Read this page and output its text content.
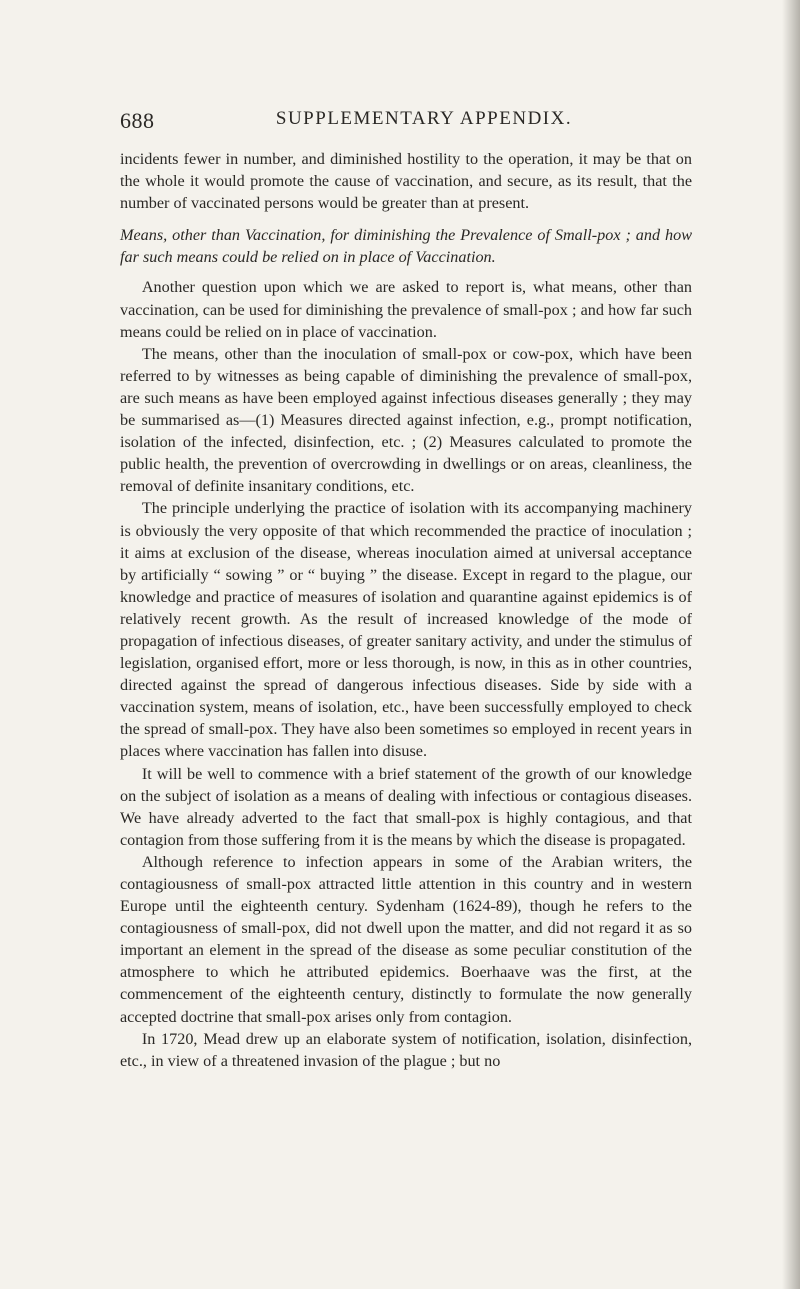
688	SUPPLEMENTARY APPENDIX.

incidents fewer in number, and diminished hostility to the operation, it may be that on the whole it would promote the cause of vaccination, and secure, as its result, that the number of vaccinated persons would be greater than at present.

Means, other than Vaccination, for diminishing the Prevalence of Small-pox ; and how far such means could be relied on in place of Vaccination.

Another question upon which we are asked to report is, what means, other than vaccination, can be used for diminishing the prevalence of small-pox ; and how far such means could be relied on in place of vaccination.

The means, other than the inoculation of small-pox or cow-pox, which have been referred to by witnesses as being capable of diminishing the prevalence of small-pox, are such means as have been employed against infectious diseases generally ; they may be summarised as—(1) Measures directed against infection, e.g., prompt notification, isolation of the infected, disinfection, etc. ; (2) Measures calculated to promote the public health, the prevention of overcrowding in dwellings or on areas, cleanliness, the removal of definite insanitary conditions, etc.

The principle underlying the practice of isolation with its accompanying machinery is obviously the very opposite of that which recommended the practice of inoculation ; it aims at exclusion of the disease, whereas inoculation aimed at universal acceptance by artificially “ sowing ” or “ buying ” the disease. Except in regard to the plague, our knowledge and practice of measures of isolation and quarantine against epidemics is of relatively recent growth. As the result of increased knowledge of the mode of propagation of infectious diseases, of greater sanitary activity, and under the stimulus of legislation, organised effort, more or less thorough, is now, in this as in other countries, directed against the spread of dangerous infectious diseases. Side by side with a vaccination system, means of isolation, etc., have been successfully employed to check the spread of small-pox. They have also been sometimes so employed in recent years in places where vaccination has fallen into disuse.

It will be well to commence with a brief statement of the growth of our knowledge on the subject of isolation as a means of dealing with infectious or contagious diseases. We have already adverted to the fact that small-pox is highly contagious, and that contagion from those suffering from it is the means by which the disease is propagated.

Although reference to infection appears in some of the Arabian writers, the contagiousness of small-pox attracted little attention in this country and in western Europe until the eighteenth century. Sydenham (1624-89), though he refers to the contagiousness of small-pox, did not dwell upon the matter, and did not regard it as so important an element in the spread of the disease as some peculiar constitution of the atmosphere to which he attributed epidemics. Boerhaave was the first, at the commencement of the eighteenth century, distinctly to formulate the now generally accepted doctrine that small-pox arises only from contagion.

In 1720, Mead drew up an elaborate system of notification, isolation, disinfection, etc., in view of a threatened invasion of the plague ; but no
